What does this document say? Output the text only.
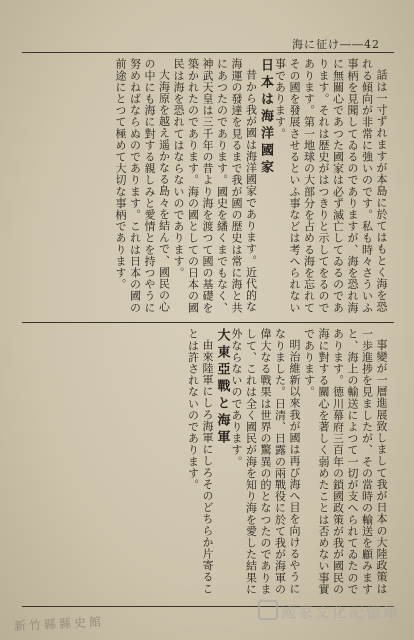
海に征け――42

話は一寸ずれますが本島に於てはもとく海を恐れる傾向が非常に強いのです。私も時々さういふ事柄を見聞してゐるのでありますが、海を恐れ海に無關心であつた國家は必ず滅亡してゐるのであります。それは歴史がはつきりと示してをるのであります。第一地球の大部分を占める海を忘れてその國を發展させるといふ事などは考へられない事であります。

日本は海洋國家

昔から我が國は海洋國家であります。近代的な海運の發達を見るまで我が國の歴史は常に海と共にあつたのであります。國史を繙くまでもなく、神武天皇は三千年の昔より海を渡つて國の基礎を築かれたのであります。海の國としての日本の國民は海を恐れてはならないのであります。

大海原を越え遥かなる島々を結んで、國民の心の中にも海に對する親しみと愛情とを持つやうに努めねばならぬのであります。これは日本の國の前途にとつて極めて大切な事柄であります。

事變が一層進展致しまして我が日本の大陸政策は一歩進捗を見ましたが、その當時の輸送を顧みますと、海上の輸送によつて一切が支へられてゐたのであります。德川幕府三百年の鎖國政策が我が國民の海に對する關心を著しく弱めたことは否めない事實であります。

明治維新以來我が國は再び海へ目を向けるやうになりました。日清、日露の兩戰役に於て我が海軍の偉大なる戰果は世界の驚異の的となつたのでありまして、これは全く國民が海を知り海を愛した結果に外ならないのであります。

大東亞戰と海軍

由來陸軍にしろ海軍にしろそのどちらか片寄ることは許されないのであります。

新竹縣縣史館
國家文化記憶庫
